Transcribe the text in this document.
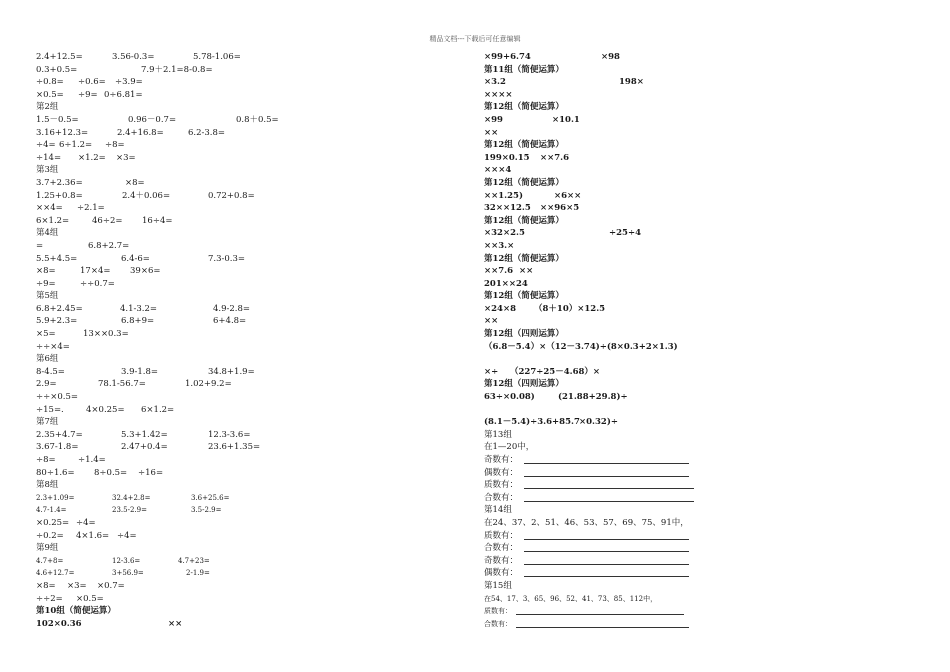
精品文档---下载后可任意编辑
2.4+12.5=	3.56-0.3=	5.78-1.06=
0.3+0.5=	7.9＋2.1=8-0.8=
÷0.8= ÷0.6= ÷3.9=
×0.5= ÷9= 0÷6.81=
第2组
1.5－0.5=	0.96－0.7=	0.8＋0.5=
3.16+12.3=	2.4+16.8=	6.2-3.8=
÷4= 6÷1.2= ÷8=
÷14= ×1.2= ×3=
第3组
3.7+2.36=	×8=
1.25+0.8=	2.4＋0.06=	0.72+0.8=
××4= ÷2.1=
6×1.2=	46÷2= 16÷4=
第4组
=	6.8+2.7=
5.5+4.5=	6.4-6=	7.3-0.3=
×8=	17×4= 39×6=
÷9=	÷÷0.7=
第5组
6.8+2.45=	4.1-3.2=	4.9-2.8=
5.9+2.3=	6.8+9=	6+4.8=
×5=	13××0.3=
÷÷×4=
第6组
8-4.5=	3.9-1.8=	34.8+1.9=
2.9=	78.1-56.7=	1.02+9.2=
÷÷×0.5=
÷15=.	4×0.25= 6×1.2=
第7组
2.35+4.7=	5.3+1.42=	12.3-3.6=
3.67-1.8=	2.47+0.4=	23.6+1.35=
÷8=	÷1.4=
80÷1.6= 8÷0.5= ÷16=
第8组
2.3+1.09=	32.4+2.8=	3.6+25.6=
4.7-1.4=	23.5-2.9=	3.5-2.9=
×0.25= ÷4=
÷0.2= 4×1.6= ÷4=
第9组
4.7+8=	12-3.6=	4.7+23=
4.6+12.7=	3+56.9=	2-1.9=
×8= ×3= ×0.7=
÷÷2= ×0.5=
第10组（简便运算）
102×0.36	××
×99+6.74	×98
第11组（简便运算）
×3.2	198×
××××
第12组（简便运算）
×99	×10.1
××
第12组（简便运算）
199×0.15 ××7.6
×××4
第12组（简便运算）
××1.25)	×6××
32××12.5 ××96×5
第12组（简便运算）
×32×2.5	÷25÷4
××3.×
第12组（简便运算）
××7.6 ××
201××24
第12组（简便运算）
×24×8 （8＋10）×12.5
××
第12组（四则运算）
（6.8－5.4）×（12－3.74)÷(8×0.3+2×1.3)
×÷ （227÷25－4.68）×
第12组（四则运算）
63÷×0.08)	(21.88+29.8)÷
(8.1－5.4)÷3.6+85.7 ×0.32)÷
第13组
在1—20中，
奇数有：
偶数有：
质数有：
合数有：
第14组
在24、37、2、51、46、53、57、69、75、91中，
质数有：
合数有：
奇数有：
偶数有：
第15组
在54、17、3、65、96、52、41、73、85、112中，
质数有：
合数有：
